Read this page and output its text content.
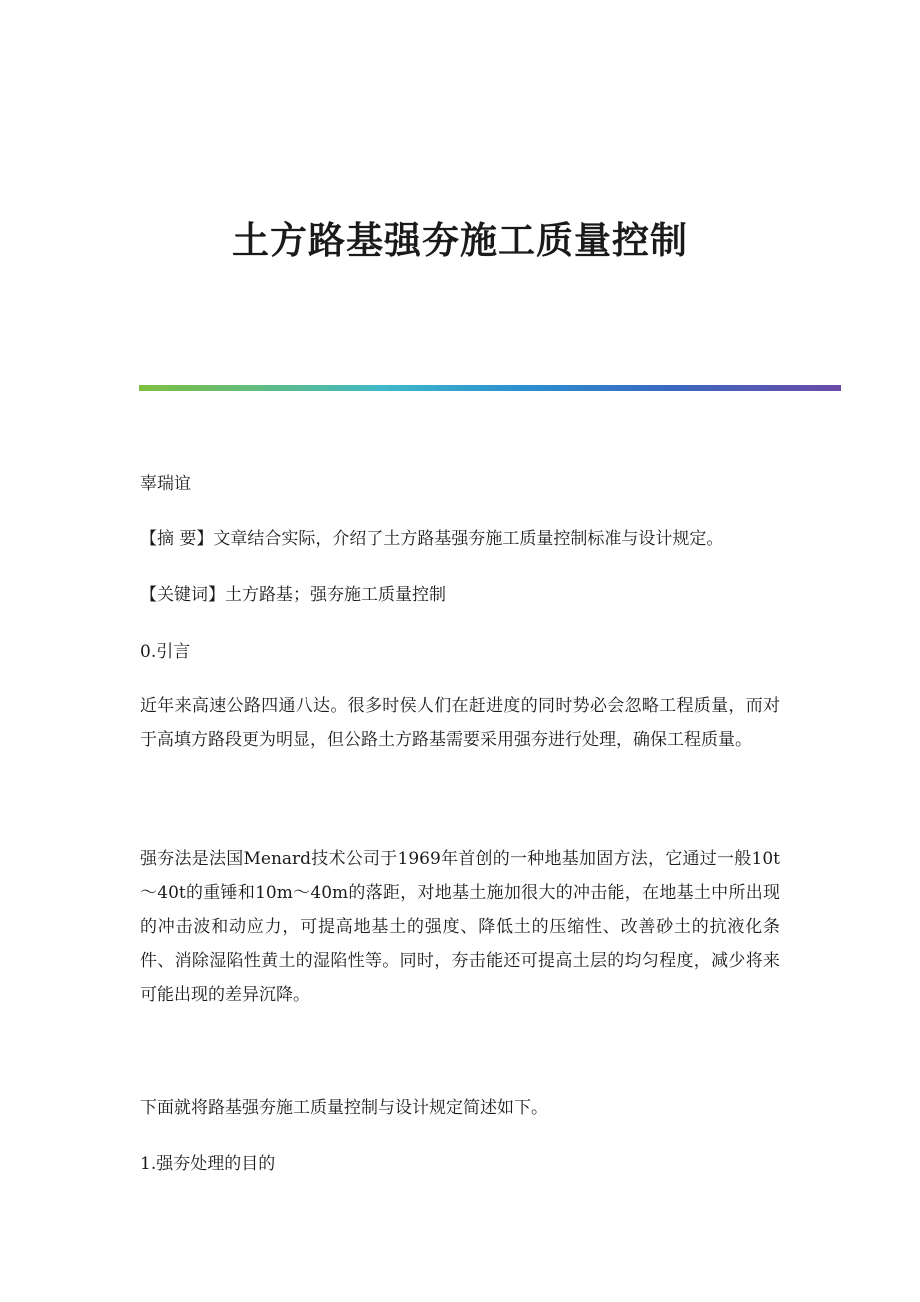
土方路基强夯施工质量控制

辜瑞谊

【摘 要】文章结合实际，介绍了土方路基强夯施工质量控制标准与设计规定。

【关键词】土方路基；强夯施工质量控制

0.引言

近年来高速公路四通八达。很多时侯人们在赶进度的同时势必会忽略工程质量，而对于高填方路段更为明显，但公路土方路基需要采用强夯进行处理，确保工程质量。

强夯法是法国Menard技术公司于1969年首创的一种地基加固方法，它通过一般10t～40t的重锤和10m～40m的落距，对地基土施加很大的冲击能，在地基土中所出现的冲击波和动应力，可提高地基土的强度、降低土的压缩性、改善砂土的抗液化条件、消除湿陷性黄土的湿陷性等。同时，夯击能还可提高土层的均匀程度，减少将来可能出现的差异沉降。

下面就将路基强夯施工质量控制与设计规定简述如下。

1.强夯处理的目的
